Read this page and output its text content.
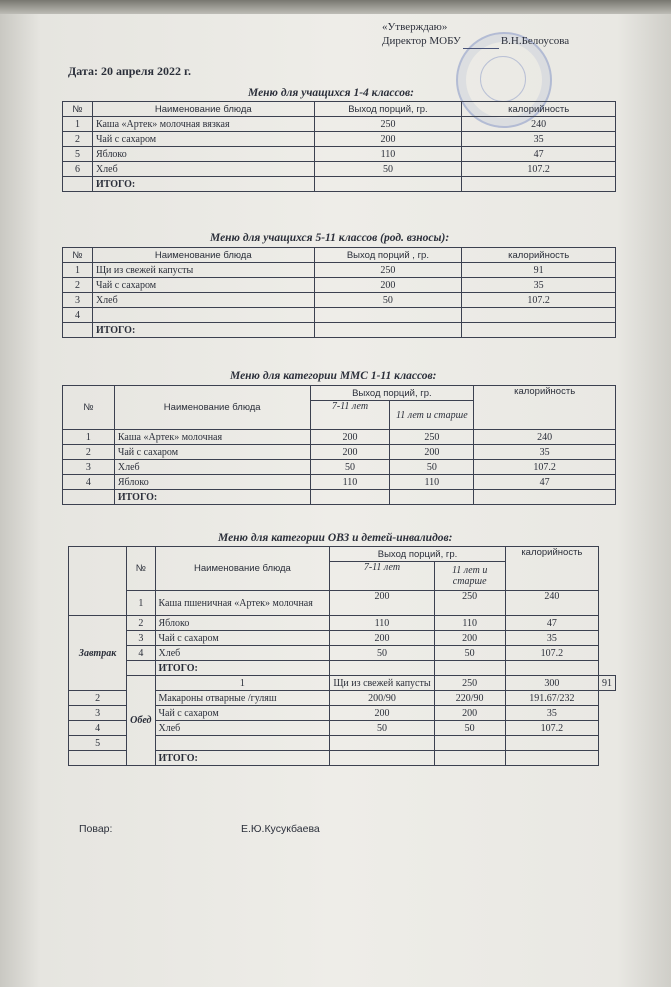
«Утверждаю»
Директор МОБУ	В.Н.Белоусова
Дата: 20 апреля 2022 г.
Меню для учащихся 1-4 классов:
№	Наименование блюда	Выход порций, гр.	калорийность
1	Каша «Артек» молочная вязкая	250	240
2	Чай с сахаром	200	35
5	Яблоко	110	47
6	Хлеб	50	107.2
	ИТОГО:		
Меню для учащихся 5-11 классов (род. взносы):
№	Наименование блюда	Выход порций , гр.	калорийность
1	Щи из свежей капусты	250	91
2	Чай с сахаром	200	35
3	Хлеб	50	107.2
4			
	ИТОГО:		
Меню для категории ММС 1-11 классов:
№	Наименование блюда	Выход порций, гр.		калорийность
		7-11 лет	11 лет и старше	
1	Каша «Артек» молочная	200	250	240
2	Чай с сахаром	200	200	35
3	Хлеб	50	50	107.2
4	Яблоко	110	110	47
	ИТОГО:			
Меню для категории ОВЗ и детей-инвалидов:
	№	Наименование блюда	Выход порций, гр.		калорийность	
			7-11 лет	11 лет и старше		
	1	Каша пшеничная «Артек» молочная	200	250	240	
Завтрак	2	Яблоко	110	110	47	
	3	Чай с сахаром	200	200	35	
	4	Хлеб	50	50	107.2	
		ИТОГО:				
	Обед	1	Щи из свежей капусты	250	300	91
2		Макароны отварные /гуляш	200/90	220/90	191.67/232	
3		Чай с сахаром	200	200	35	
4		Хлеб	50	50	107.2	
5						
		ИТОГО:				
Повар:	Е.Ю.Кусукбаева
